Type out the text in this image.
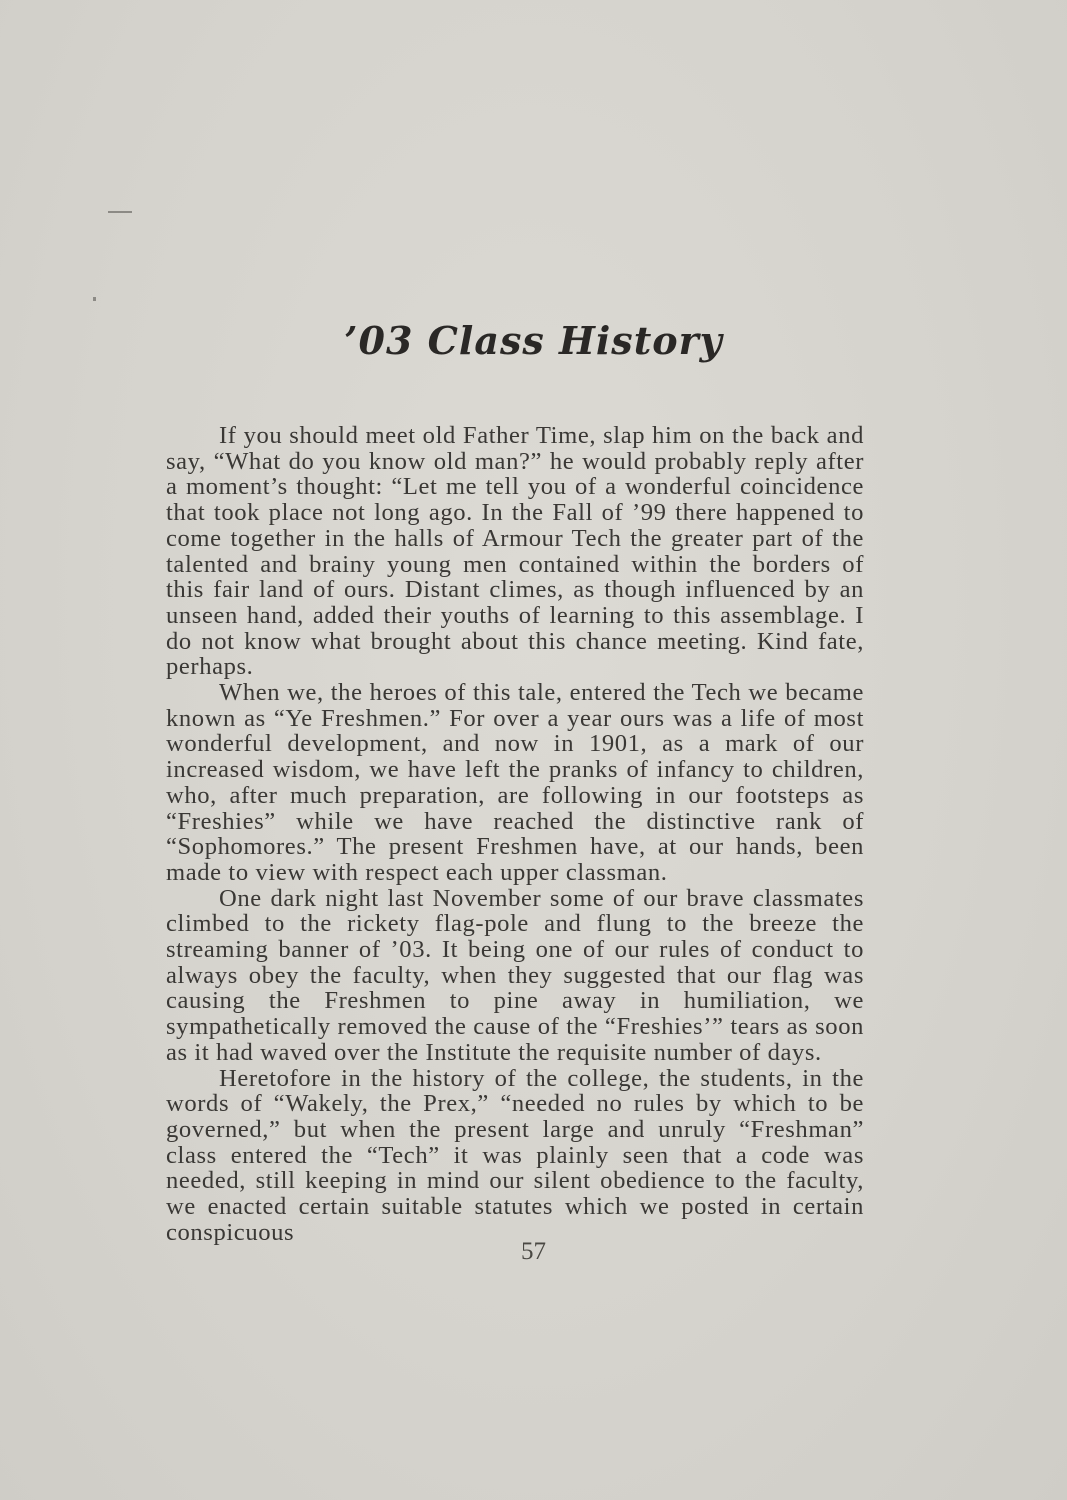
’03 Class History

If you should meet old Father Time, slap him on the back and say, “What do you know old man?” he would probably reply after a moment’s thought: “Let me tell you of a wonderful coincidence that took place not long ago. In the Fall of ’99 there happened to come together in the halls of Armour Tech the greater part of the talented and brainy young men contained within the borders of this fair land of ours. Distant climes, as though influenced by an unseen hand, added their youths of learning to this assemblage. I do not know what brought about this chance meeting. Kind fate, perhaps.

When we, the heroes of this tale, entered the Tech we became known as “Ye Freshmen.” For over a year ours was a life of most wonderful development, and now in 1901, as a mark of our increased wisdom, we have left the pranks of infancy to children, who, after much preparation, are following in our footsteps as “Freshies” while we have reached the distinctive rank of “Sophomores.” The present Freshmen have, at our hands, been made to view with respect each upper classman.

One dark night last November some of our brave classmates climbed to the rickety flag-pole and flung to the breeze the streaming banner of ’03. It being one of our rules of conduct to always obey the faculty, when they suggested that our flag was causing the Freshmen to pine away in humiliation, we sympathetically removed the cause of the “Freshies’” tears as soon as it had waved over the Institute the requisite number of days.

Heretofore in the history of the college, the students, in the words of “Wakely, the Prex,” “needed no rules by which to be governed,” but when the present large and unruly “Freshman” class entered the “Tech” it was plainly seen that a code was needed, still keeping in mind our silent obedience to the faculty, we enacted certain suitable statutes which we posted in certain conspicuous

57
